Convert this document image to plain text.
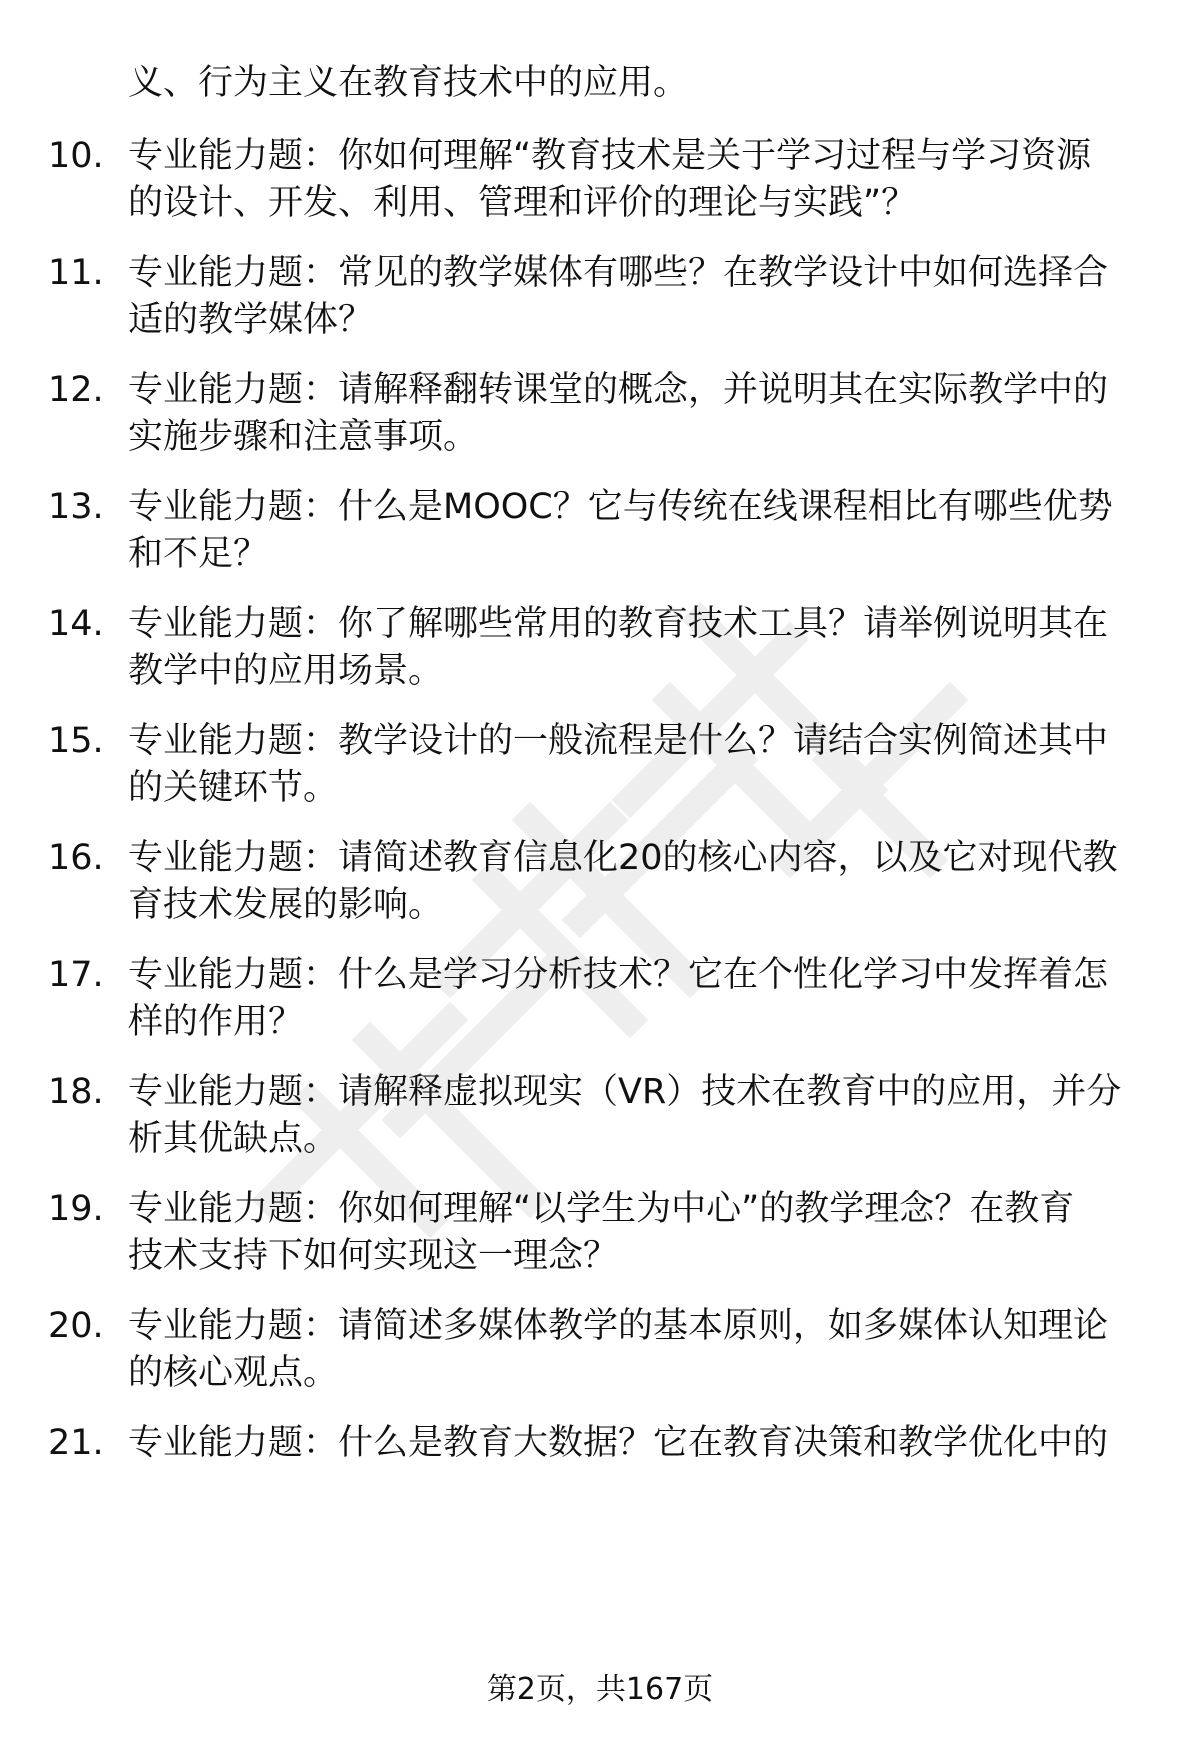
义、行为主义在教育技术中的应用。
10. 专业能力题：你如何理解“教育技术是关于学习过程与学习资源
的设计、开发、利用、管理和评价的理论与实践”？
11. 专业能力题：常见的教学媒体有哪些？在教学设计中如何选择合
适的教学媒体？
12. 专业能力题：请解释翻转课堂的概念，并说明其在实际教学中的
实施步骤和注意事项。
13. 专业能力题：什么是MOOC？它与传统在线课程相比有哪些优势
和不足？
14. 专业能力题：你了解哪些常用的教育技术工具？请举例说明其在
教学中的应用场景。
15. 专业能力题：教学设计的一般流程是什么？请结合实例简述其中
的关键环节。
16. 专业能力题：请简述教育信息化20的核心内容，以及它对现代教
育技术发展的影响。
17. 专业能力题：什么是学习分析技术？它在个性化学习中发挥着怎
样的作用？
18. 专业能力题：请解释虚拟现实（VR）技术在教育中的应用，并分
析其优缺点。
19. 专业能力题：你如何理解“以学生为中心”的教学理念？在教育
技术支持下如何实现这一理念？
20. 专业能力题：请简述多媒体教学的基本原则，如多媒体认知理论
的核心观点。
21. 专业能力题：什么是教育大数据？它在教育决策和教学优化中的
第2页，共167页
